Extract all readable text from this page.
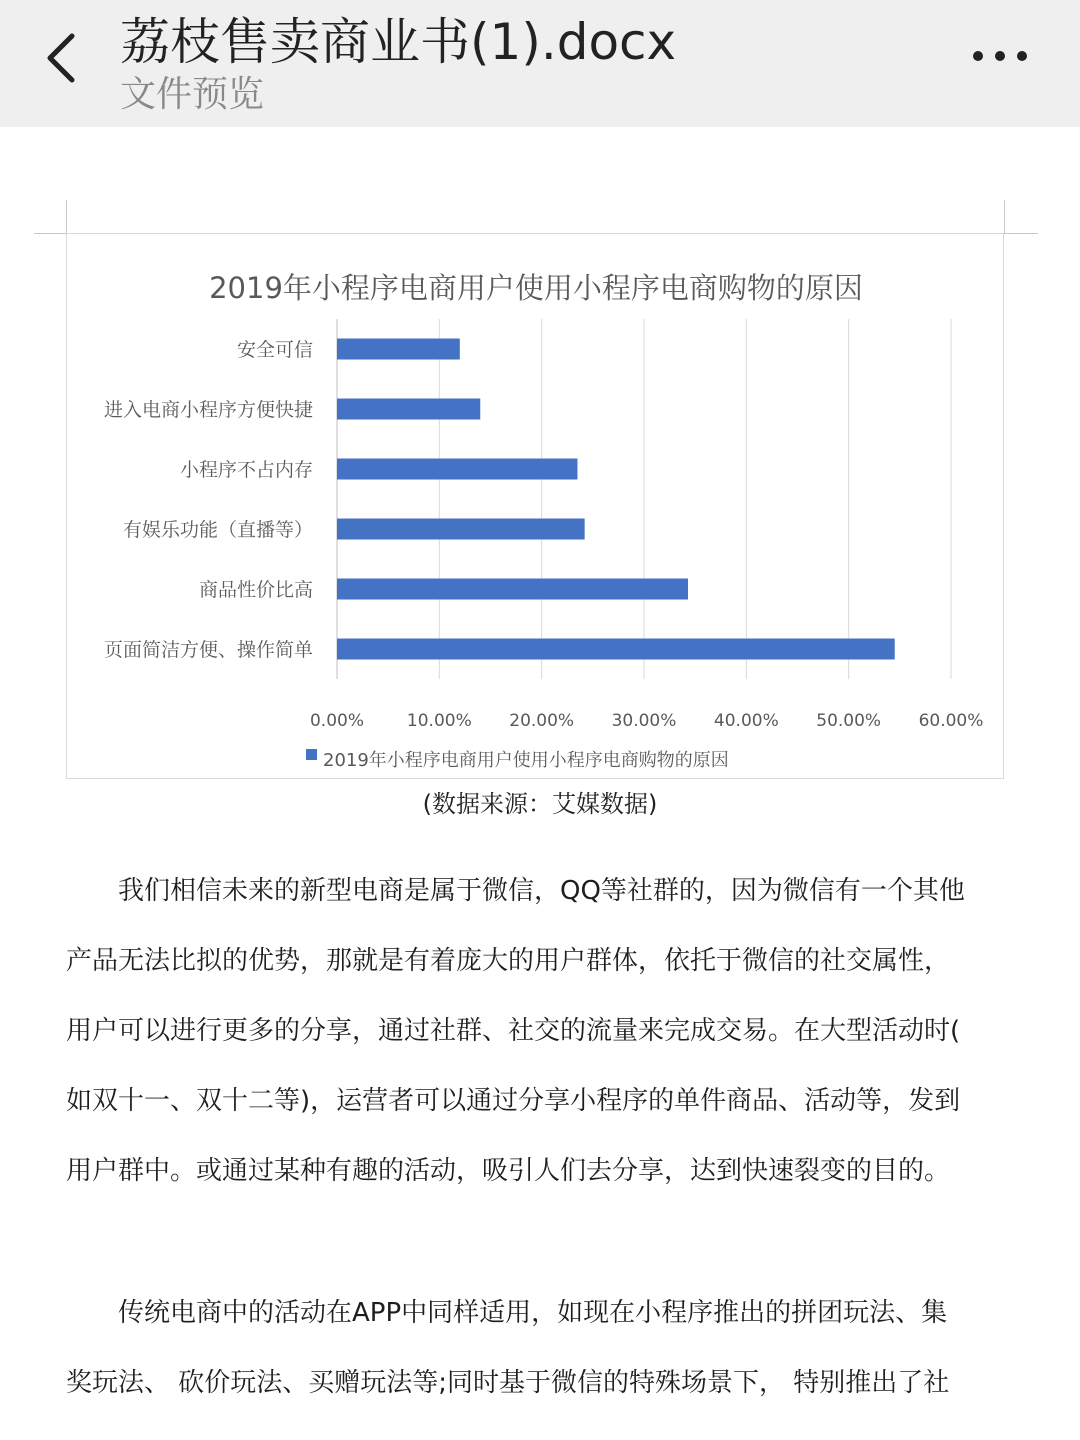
荔枝售卖商业书(1).docx
文件预览
2019年小程序电商用户使用小程序电商购物的原因
0.00%	10.00% 20.00% 30.00% 40.00% 50.00% 60.00%
安全可信
进入电商小程序方便快捷
小程序不占内存
有娱乐功能（直播等）
商品性价比高
页面简洁方便、操作简单
2019年小程序电商用户使用小程序电商购物的原因
(数据来源：艾媒数据)
　　我们相信未来的新型电商是属于微信，QQ等社群的，因为微信有一个其他
产品无法比拟的优势，那就是有着庞大的用户群体，依托于微信的社交属性，
用户可以进行更多的分享，通过社群、社交的流量来完成交易。在大型活动时(
如双十一、双十二等)，运营者可以通过分享小程序的单件商品、活动等，发到
用户群中。或通过某种有趣的活动，吸引人们去分享，达到快速裂变的目的。
　　传统电商中的活动在APP中同样适用，如现在小程序推出的拼团玩法、集
奖玩法、 砍价玩法、买赠玩法等;同时基于微信的特殊场景下， 特别推出了社
